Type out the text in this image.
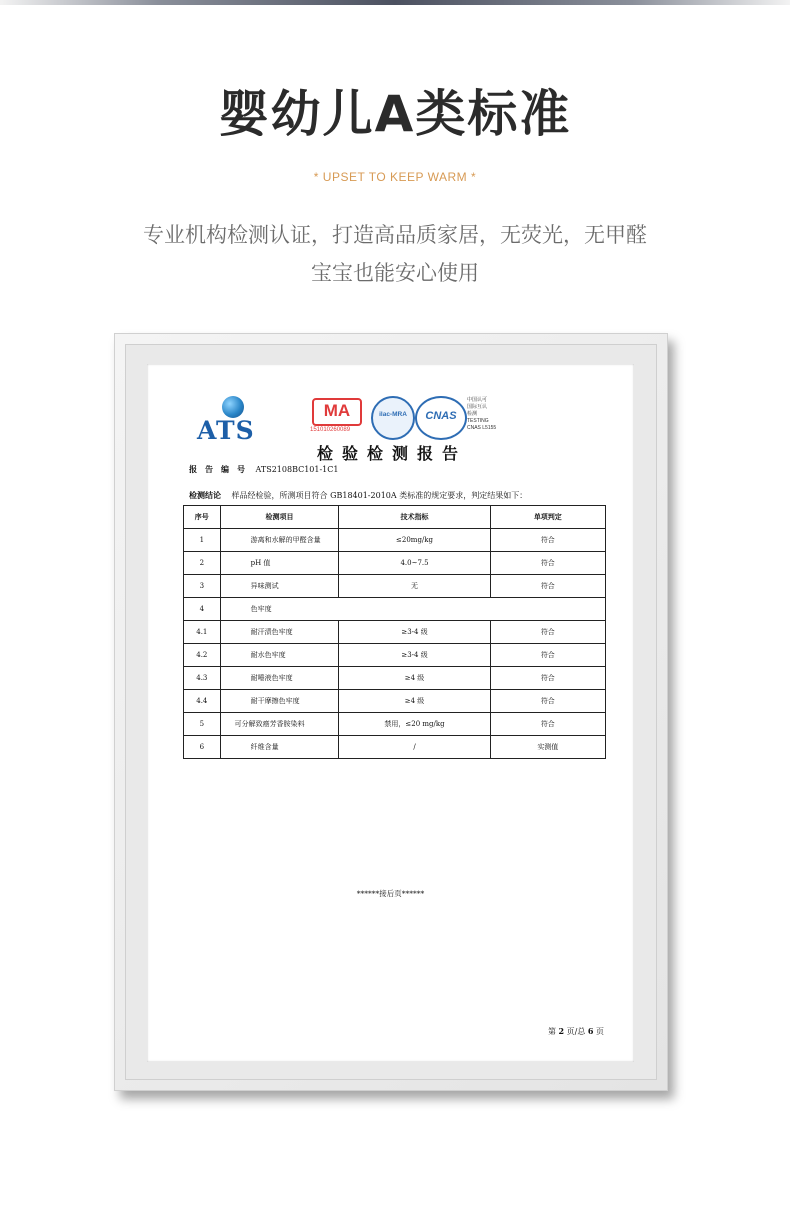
婴幼儿A类标准
* UPSET TO KEEP WARM *
专业机构检测认证，打造高品质家居，无荧光，无甲醛
宝宝也能安心使用
ATS
MA
151010260089
ilac-MRA	CNAS
中国认可
国际互认
检测
TESTING
CNAS L5155
检验检测报告
报告编号 ATS2108BC101-1C1
检测结论 样品经检验，所测项目符合 GB18401-2010A 类标准的规定要求，判定结果如下：
序号	检测项目	技术指标	单项判定
1	游离和水解的甲醛含量	≤20mg/kg	符合
2	pH 值	4.0~7.5	符合
3	异味测试	无	符合
4	色牢度		
4.1	耐汗渍色牢度	≥3-4 级	符合
4.2	耐水色牢度	≥3-4 级	符合
4.3	耐唾液色牢度	≥4 级	符合
4.4	耐干摩擦色牢度	≥4 级	符合
5	可分解致癌芳香胺染料	禁用，≤20 mg/kg	符合
6	纤维含量	/	实测值
******接后页******
第 2 页/总 6 页
